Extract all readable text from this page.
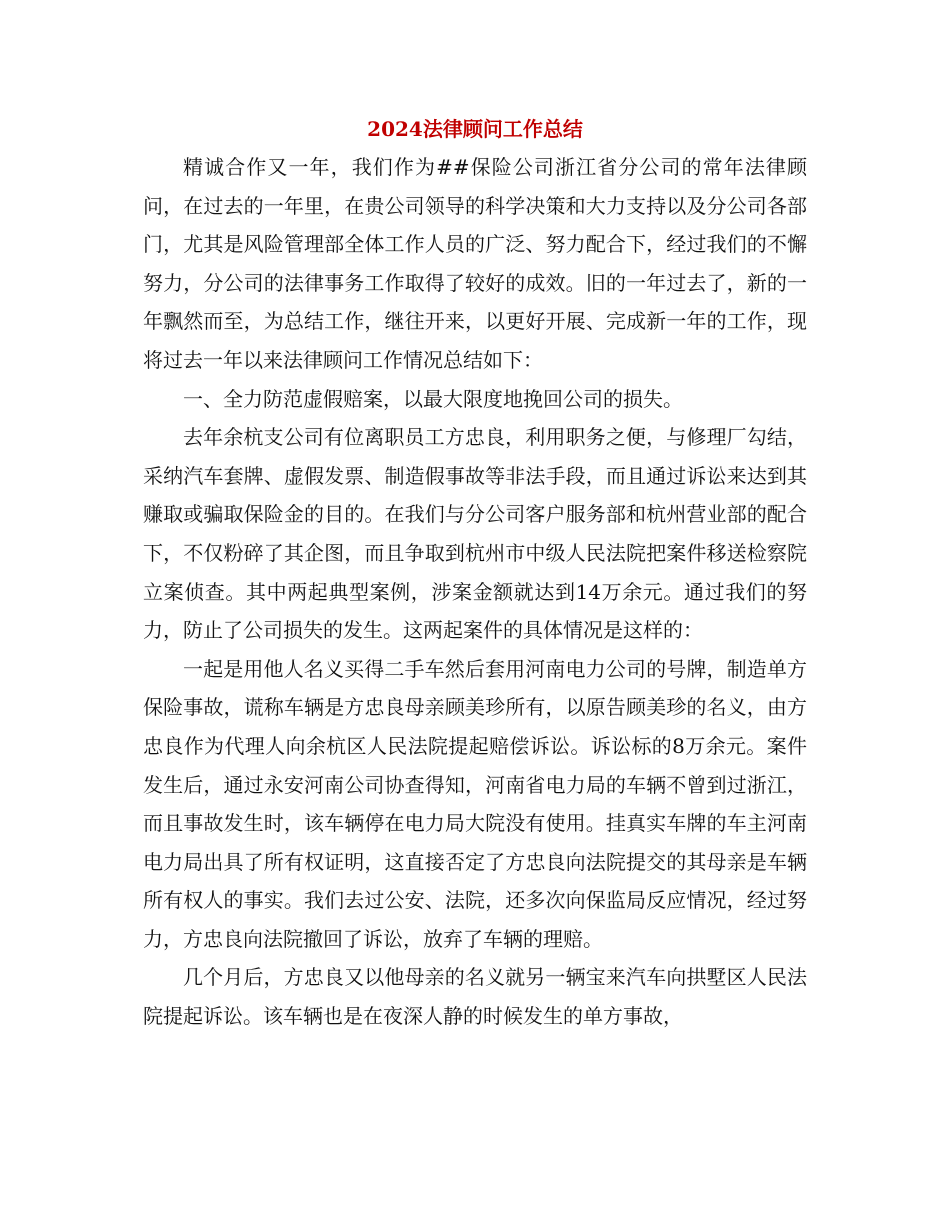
2024法律顾问工作总结

精诚合作又一年，我们作为##保险公司浙江省分公司的常年法律顾问，在过去的一年里，在贵公司领导的科学决策和大力支持以及分公司各部门，尤其是风险管理部全体工作人员的广泛、努力配合下，经过我们的不懈努力，分公司的法律事务工作取得了较好的成效。旧的一年过去了，新的一年飘然而至，为总结工作，继往开来，以更好开展、完成新一年的工作，现将过去一年以来法律顾问工作情况总结如下：

一、全力防范虚假赔案，以最大限度地挽回公司的损失。

去年余杭支公司有位离职员工方忠良，利用职务之便，与修理厂勾结，采纳汽车套牌、虚假发票、制造假事故等非法手段，而且通过诉讼来达到其赚取或骗取保险金的目的。在我们与分公司客户服务部和杭州营业部的配合下，不仅粉碎了其企图，而且争取到杭州市中级人民法院把案件移送检察院立案侦查。其中两起典型案例，涉案金额就达到14万余元。通过我们的努力，防止了公司损失的发生。这两起案件的具体情况是这样的：

一起是用他人名义买得二手车然后套用河南电力公司的号牌，制造单方保险事故，谎称车辆是方忠良母亲顾美珍所有，以原告顾美珍的名义，由方忠良作为代理人向余杭区人民法院提起赔偿诉讼。诉讼标的8万余元。案件发生后，通过永安河南公司协查得知，河南省电力局的车辆不曾到过浙江，而且事故发生时，该车辆停在电力局大院没有使用。挂真实车牌的车主河南电力局出具了所有权证明，这直接否定了方忠良向法院提交的其母亲是车辆所有权人的事实。我们去过公安、法院，还多次向保监局反应情况，经过努力，方忠良向法院撤回了诉讼，放弃了车辆的理赔。

几个月后，方忠良又以他母亲的名义就另一辆宝来汽车向拱墅区人民法院提起诉讼。该车辆也是在夜深人静的时候发生的单方事故，
